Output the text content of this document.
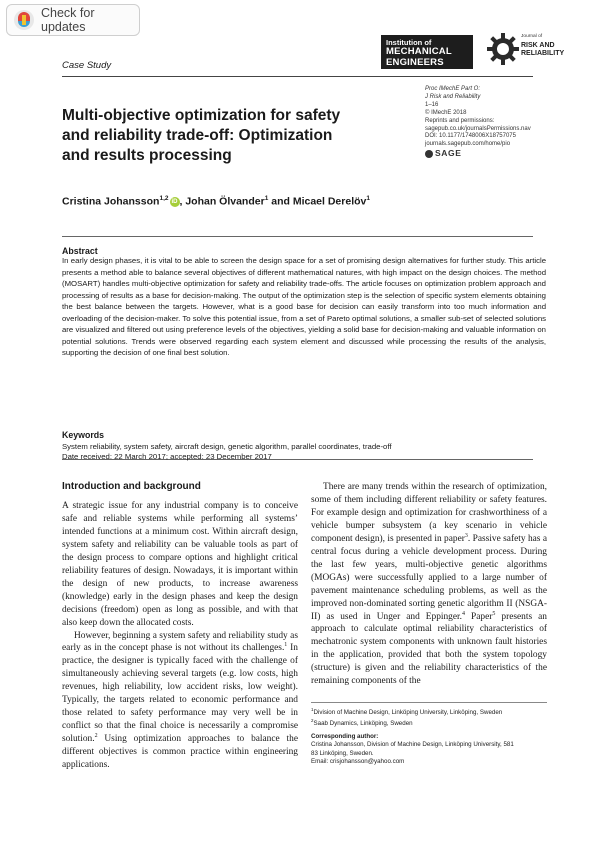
Check for updates
Institution of
MECHANICAL
ENGINEERS
Journal of
RISK AND
RELIABILITY
Case Study
Multi-objective optimization for safety and reliability trade-off: Optimization and results processing
Proc IMechE Part O:
J Risk and Reliability
1–16
© IMechE 2018
Reprints and permissions:
sagepub.co.uk/journalsPermissions.nav
DOI: 10.1177/1748006X18757075
journals.sagepub.com/home/pio
SAGE
Cristina Johansson$^{1,2}$ iD , Johan Ölvander$^1$ and Micael Derelöv$^1$
Abstract
In early design phases, it is vital to be able to screen the design space for a set of promising design alternatives for further study. This article presents a method able to balance several objectives of different mathematical natures, with high impact on the design choices. The method (MOSART) handles multi-objective optimization for safety and reliability trade-offs. The article focuses on optimization problem approach and processing of results as a base for decision-making. The output of the optimization step is the selection of specific system elements obtaining the best balance between the targets. However, what is a good base for decision can easily transform into too much information and overloading of the decision-maker. To solve this potential issue, from a set of Pareto optimal solutions, a smaller sub-set of selected solutions are visualized and filtered out using preference levels of the objectives, yielding a solid base for decision-making and valuable information on potential solutions. Trends were observed regarding each system element and discussed while processing the results of the analysis, supporting the decision of one final best solution.
Keywords
System reliability, system safety, aircraft design, genetic algorithm, parallel coordinates, trade-off
Date received: 22 March 2017; accepted: 23 December 2017
Introduction and background

A strategic issue for any industrial company is to conceive safe and reliable systems while performing all systems’ intended functions at a minimum cost. Within aircraft design, system safety and reliability can be valuable tools as part of the design process to compare options and highlight critical reliability features of design. Nowadays, it is important within the design of new products, to increase awareness (knowledge) early in the design phases and keep the design decisions (freedom) open as long as possible, and with that also keep down the allocated costs.

However, beginning a system safety and reliability study as early as in the concept phase is not without its challenges.$^1$ In practice, the designer is typically faced with the challenge of simultaneously achieving several targets (e.g. low costs, high revenues, high reliability, low accident risks, low weight). Typically, the targets related to economic performance and those related to safety performance may very well be in conflict so that the final choice is necessarily a compromise solution.$^2$ Using optimization approaches to balance the different objectives is common practice within engineering applications.

There are many trends within the research of optimization, some of them including different reliability or safety features. For example design and optimization for crashworthiness of a vehicle bumper subsystem (a key scenario in vehicle component design), is presented in paper$^3$. Passive safety has a central focus during a vehicle development process. During the last few years, multi-objective genetic algorithms (MOGAs) were successfully applied to a large number of pavement maintenance scheduling problems, as well as the improved non-dominated sorting genetic algorithm II (NSGA-II) as used in Unger and Eppinger.$^4$ Paper$^5$ presents an approach to calculate optimal reliability characteristics of mechatronic system components with unknown fault histories in the application, provided that both the system topology (structure) is given and the reliability characteristics of the remaining components of the

$^1$Division of Machine Design, Linköping University, Linköping, Sweden
$^2$Saab Dynamics, Linköping, Sweden
Corresponding author:
Cristina Johansson, Division of Machine Design, Linköping University, 581
83 Linköping, Sweden.
Email: crisjohansson@yahoo.com
